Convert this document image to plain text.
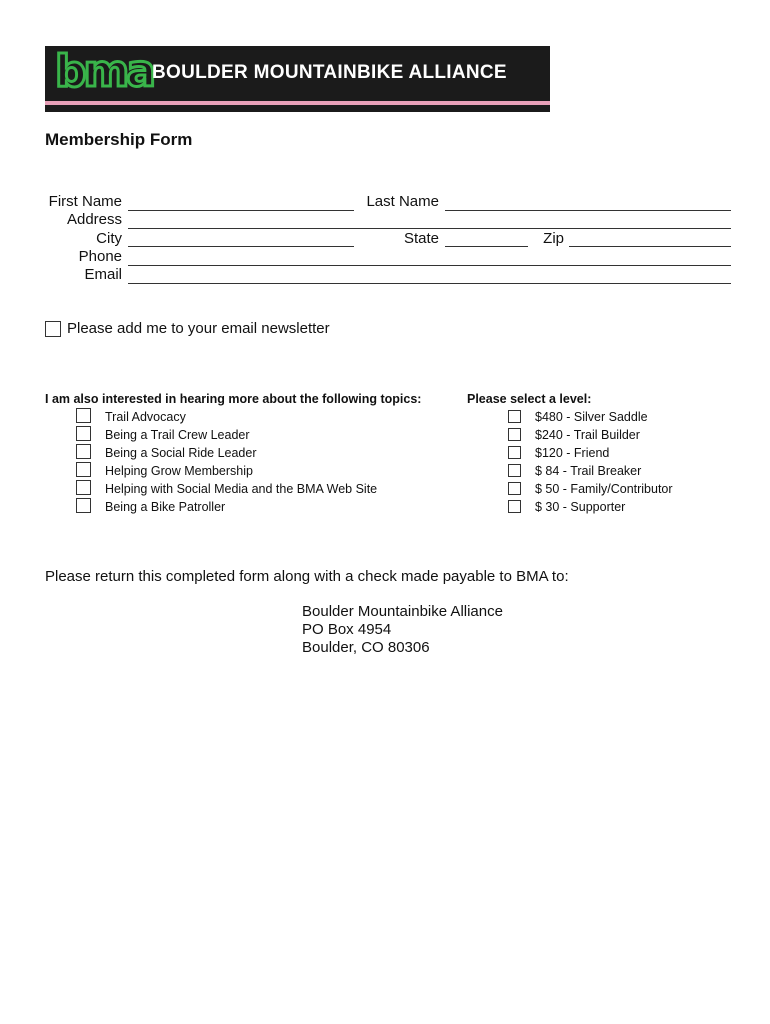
bma
BOULDER MOUNTAINBIKE ALLIANCE
Membership Form
First Name	Last Name
Address
City	State	Zip
Phone
Email
Please add me to your email newsletter
I am also interested in hearing more about the following topics:
Trail Advocacy
Being a Trail Crew Leader
Being a Social Ride Leader
Helping Grow Membership
Helping with Social Media and the BMA Web Site
Being a Bike Patroller
Please select a level:
$480 - Silver Saddle
$240 - Trail Builder
$120 - Friend
$ 84 - Trail Breaker
$ 50 - Family/Contributor
$ 30 - Supporter
Please return this completed form along with a check made payable to BMA to:
Boulder Mountainbike Alliance
PO Box 4954
Boulder, CO 80306
